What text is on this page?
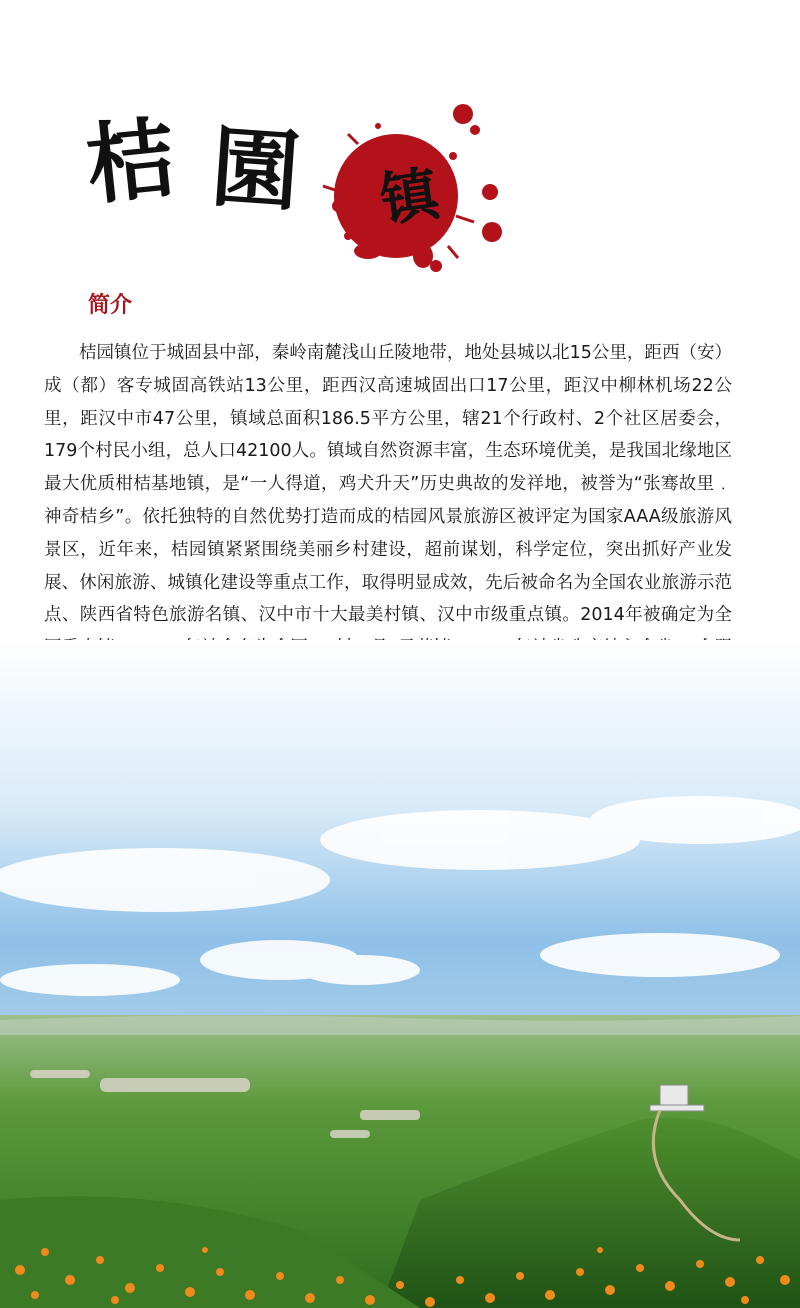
桔 園	镇
简介
桔园镇位于城固县中部，秦岭南麓浅山丘陵地带，地处县城以北15公里，距西（安）成（都）客专城固高铁站13公里，距西汉高速城固出口17公里，距汉中柳林机场22公里，距汉中市47公里，镇域总面积186.5平方公里，辖21个行政村、2个社区居委会，179个村民小组，总人口42100人。镇域自然资源丰富，生态环境优美，是我国北缘地区最大优质柑桔基地镇，是“一人得道，鸡犬升天”历史典故的发祥地，被誉为“张骞故里﹒神奇桔乡”。依托独特的自然优势打造而成的桔园风景旅游区被评定为国家AAA级旅游风景区，近年来，桔园镇紧紧围绕美丽乡村建设，超前谋划，科学定位，突出抓好产业发展、休闲旅游、城镇化建设等重点工作，取得明显成效，先后被命名为全国农业旅游示范点、陕西省特色旅游名镇、汉中市十大最美村镇、汉中市级重点镇。2014年被确定为全
